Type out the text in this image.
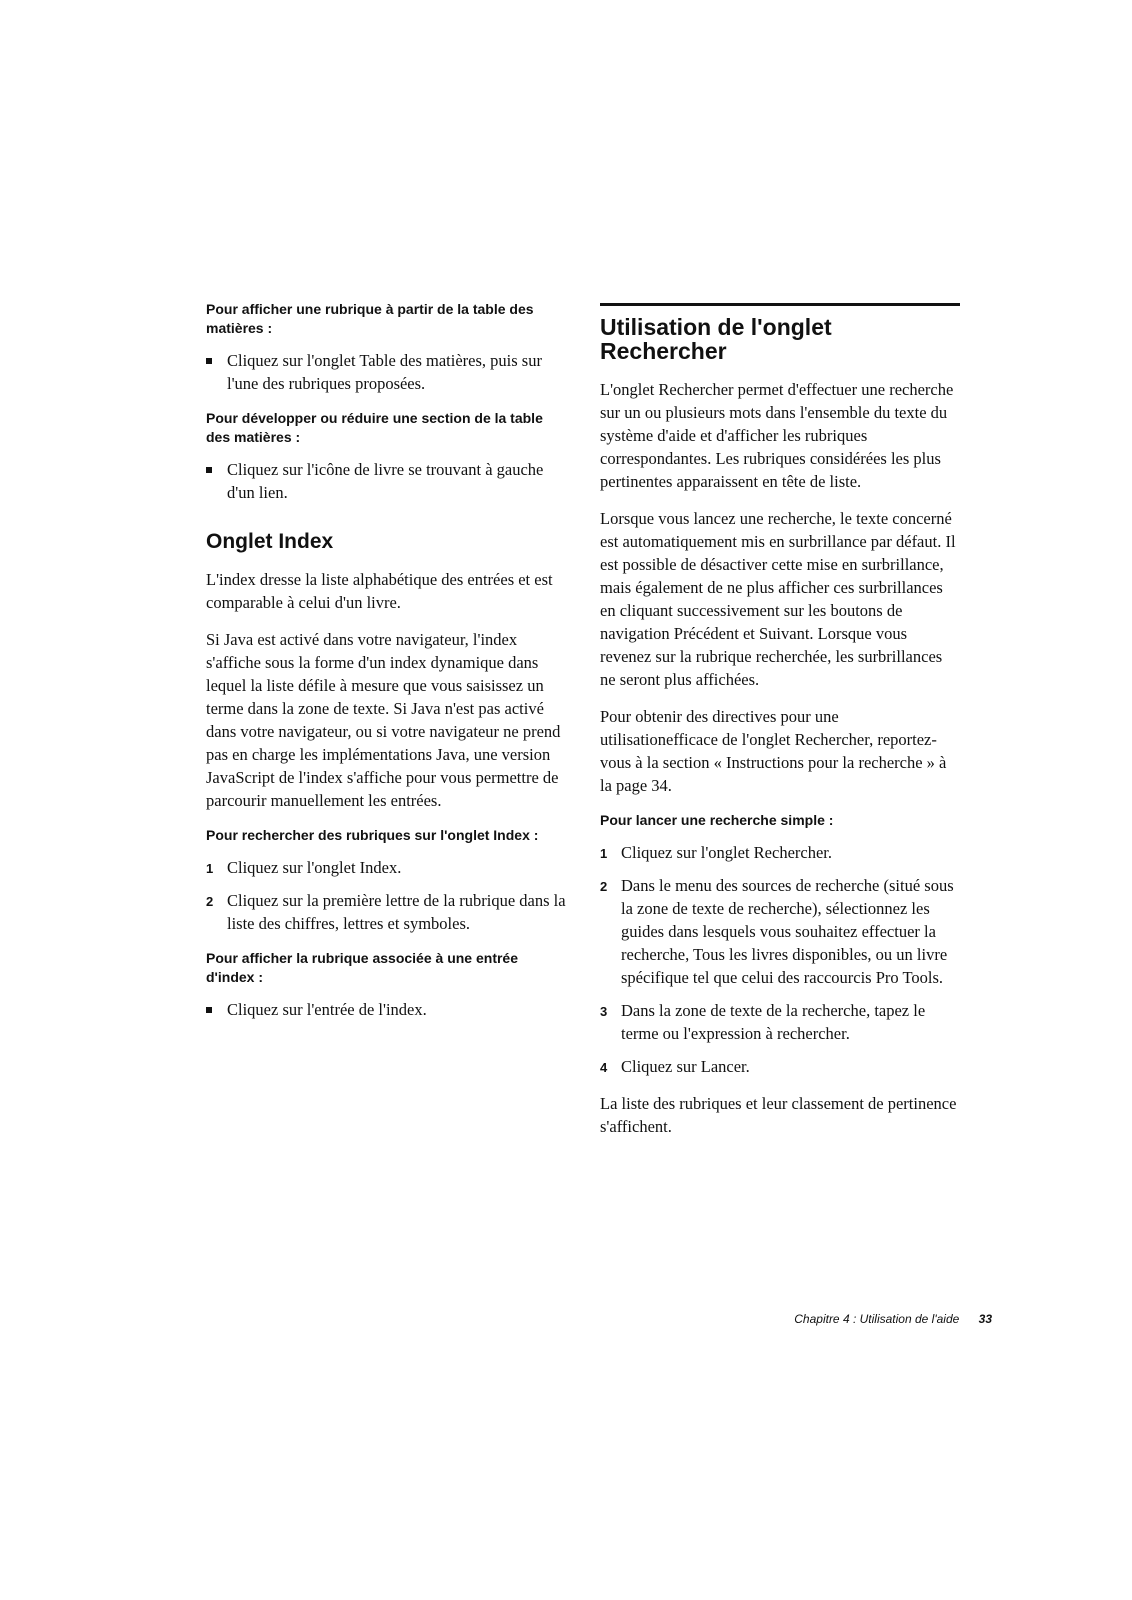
Pour afficher une rubrique à partir de la table des matières :

Cliquez sur l'onglet Table des matières, puis sur l'une des rubriques proposées.

Pour développer ou réduire une section de la table des matières :

Cliquez sur l'icône de livre se trouvant à gauche d'un lien.
Onglet Index

L'index dresse la liste alphabétique des entrées et est comparable à celui d'un livre.

Si Java est activé dans votre navigateur, l'index s'affiche sous la forme d'un index dynamique dans lequel la liste défile à mesure que vous saisissez un terme dans la zone de texte. Si Java n'est pas activé dans votre navigateur, ou si votre navigateur ne prend pas en charge les implémentations Java, une version JavaScript de l'index s'affiche pour vous permettre de parcourir manuellement les entrées.

Pour rechercher des rubriques sur l'onglet Index :

1 Cliquez sur l'onglet Index.
2 Cliquez sur la première lettre de la rubrique dans la liste des chiffres, lettres et symboles.

Pour afficher la rubrique associée à une entrée d'index :

Cliquez sur l'entrée de l'index.
Utilisation de l'onglet Rechercher

L'onglet Rechercher permet d'effectuer une recherche sur un ou plusieurs mots dans l'ensemble du texte du système d'aide et d'afficher les rubriques correspondantes. Les rubriques considérées les plus pertinentes apparaissent en tête de liste.

Lorsque vous lancez une recherche, le texte concerné est automatiquement mis en surbrillance par défaut. Il est possible de désactiver cette mise en surbrillance, mais également de ne plus afficher ces surbrillances en cliquant successivement sur les boutons de navigation Précédent et Suivant. Lorsque vous revenez sur la rubrique recherchée, les surbrillances ne seront plus affichées.

Pour obtenir des directives pour une utilisationefficace de l'onglet Rechercher, reportez-vous à la section « Instructions pour la recherche » à la page 34.

Pour lancer une recherche simple :

1 Cliquez sur l'onglet Rechercher.
2 Dans le menu des sources de recherche (situé sous la zone de texte de recherche), sélectionnez les guides dans lesquels vous souhaitez effectuer la recherche, Tous les livres disponibles, ou un livre spécifique tel que celui des raccourcis Pro Tools.
3 Dans la zone de texte de la recherche, tapez le terme ou l'expression à rechercher.
4 Cliquez sur Lancer.

La liste des rubriques et leur classement de pertinence s'affichent.

Chapitre 4 : Utilisation de l'aide 33
